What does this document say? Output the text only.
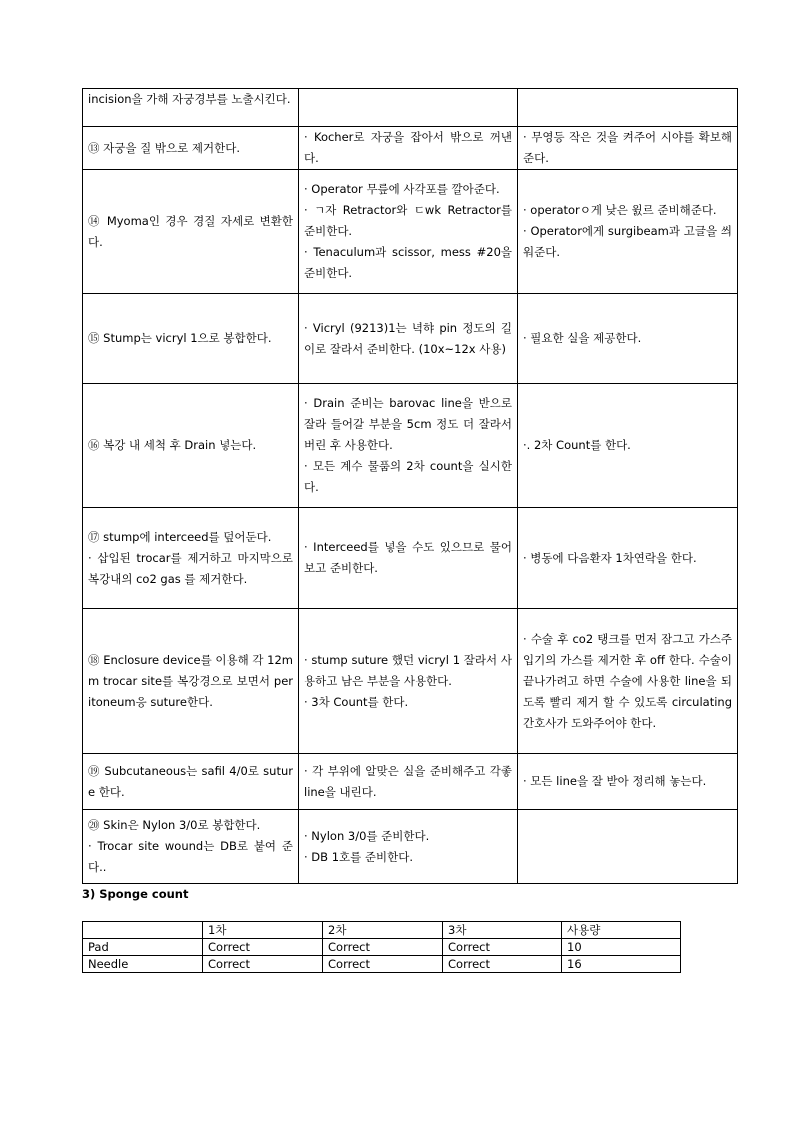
incision을 가해 자궁경부를 노출시킨다.		

⑬ 자궁을 질 밖으로 제거한다.	· Kocher로 자궁을 잡아서 밖으로 꺼낸다.	· 무영등 작은 것을 켜주어 시야를 확보해 준다.

⑭ Myoma인 경우 경질 자세로 변환한다.	· Operator 무릎에 사각포를 깔아준다.
· ㄱ자 Retractor와 ㄷwk Retractor를 준비한다.
· Tenaculum과 scissor, mess #20을 준비한다.	· operatorㅇ게 낮은 윐르 준비해준다.
· Operator에게 surgibeam과 고글을 씌워준다.

⑮ Stump는 vicryl 1으로 봉합한다.	· Vicryl (9213)1는 녁햐 pin 정도의 길이로 잘라서 준비한다. (10x~12x 사용)	· 필요한 실을 제공한다.

⑯ 복강 내 세척 후 Drain 넣는다.	· Drain 준비는 barovac line을 반으로 잘라 들어갈 부분을 5cm 정도 더 잘라서 버린 후 사용한다.
· 모든 계수 물품의 2차 count을 실시한다.	·. 2차 Count를 한다.

⑰ stump에 interceed를 덮어둔다.
· 삽입된 trocar를 제거하고 마지막으로 복강내의 co2 gas 를 제거한다.	· Interceed를 넣을 수도 있으므로 물어보고 준비한다.	· 병동에 다음환자 1차연락을 한다.

⑱ Enclosure device를 이용해 각 12mm trocar site를 복강경으로 보면서 peritoneum응 suture한다.	· stump suture 했던 vicryl 1 잘라서 사용하고 남은 부분을 사용한다.
· 3차 Count를 한다.	· 수술 후 co2 탱크를 먼저 잠그고 가스주입기의 가스를 제거한 후 off 한다. 수술이 끝나가려고 하면 수술에 사용한 line을 되도록 빨리 제거 할 수 있도록 circulating 간호사가 도와주어야 한다.

⑲ Subcutaneous는 safil 4/0로 suture 한다.	· 각 부위에 알맞은 실을 준비해주고 각좋 line을 내린다.	· 모든 line을 잘 받아 정리해 놓는다.

⑳ Skin은 Nylon 3/0로 봉합한다.
· Trocar site wound는 DB로 붙여 준다..	· Nylon 3/0를 준비한다.
· DB 1호를 준비한다.	

3) Sponge count
	1차	2차	3차	사용량
Pad	Correct	Correct	Correct	10
Needle	Correct	Correct	Correct	16
